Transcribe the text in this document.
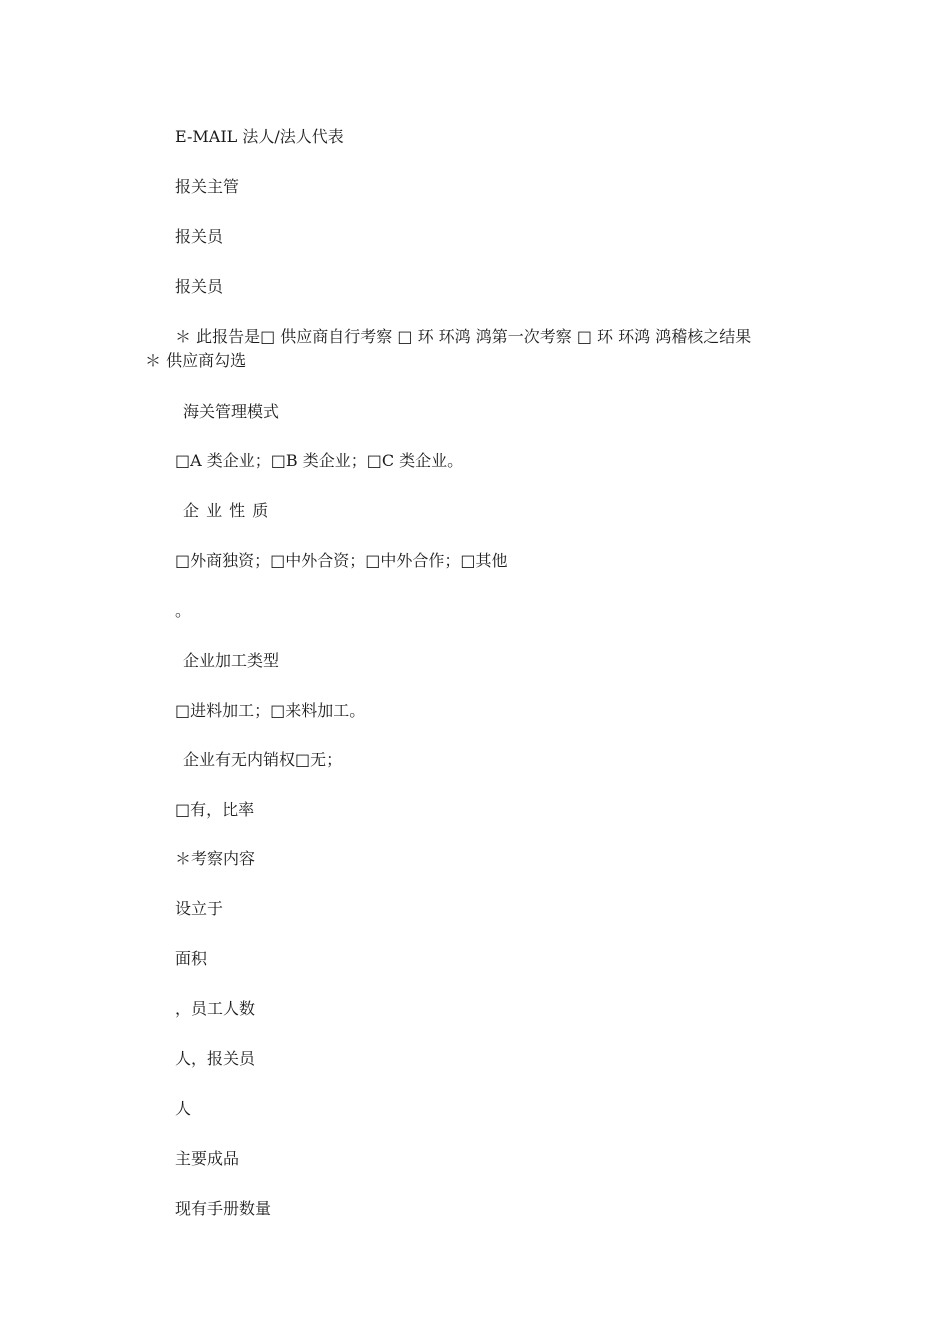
E-MAIL 法人/法人代表
报关主管
报关员
报关员
＊ 此报告是□ 供应商自行考察 □ 环 环鸿 鸿第一次考察 □ 环 环鸿 鸿稽核之结果
＊ 供应商勾选
海关管理模式
□A 类企业；□B 类企业；□C 类企业。
企 业 性 质
□外商独资；□中外合资；□中外合作；□其他
。
企业加工类型
□进料加工；□来料加工。
企业有无内销权□无；
□有，比率
＊考察内容
设立于
面积
，员工人数
人，报关员
人
主要成品
现有手册数量
